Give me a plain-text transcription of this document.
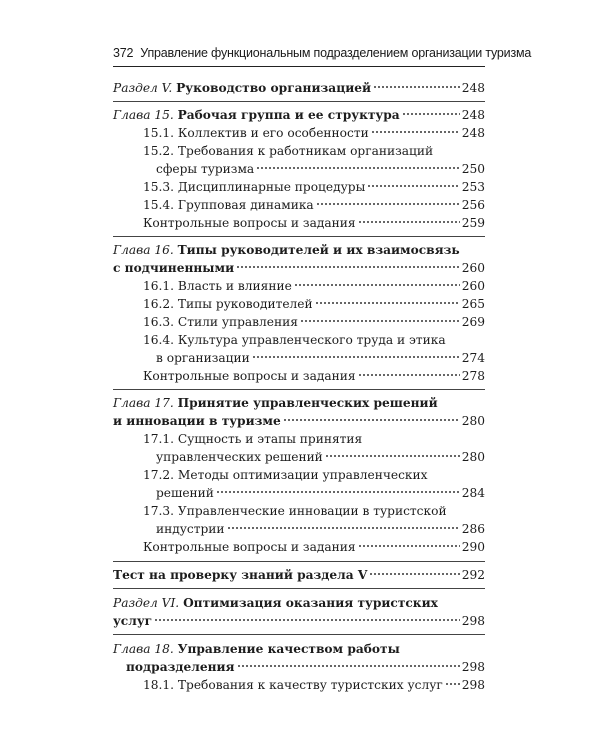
372 Управление функциональным подразделением организации туризма
Раздел V. Руководство организацией	248
Глава 15. Рабочая группа и ее структура	248
15.1. Коллектив и его особенности	248
15.2. Требования к работникам организаций
сферы туризма	250
15.3. Дисциплинарные процедуры	253
15.4. Групповая динамика	256
Контрольные вопросы и задания	259
Глава 16. Типы руководителей и их взаимосвязь
с подчиненными	260
16.1. Власть и влияние	260
16.2. Типы руководителей	265
16.3. Стили управления	269
16.4. Культура управленческого труда и этика
в организации	274
Контрольные вопросы и задания	278
Глава 17. Принятие управленческих решений
и инновации в туризме	280
17.1. Сущность и этапы принятия
управленческих решений	280
17.2. Методы оптимизации управленческих
решений	284
17.3. Управленческие инновации в туристской
индустрии	286
Контрольные вопросы и задания	290
Тест на проверку знаний раздела V	292
Раздел VI. Оптимизация оказания туристских
услуг	298
Глава 18. Управление качеством работы
подразделения	298
18.1. Требования к качеству туристских услуг 298
